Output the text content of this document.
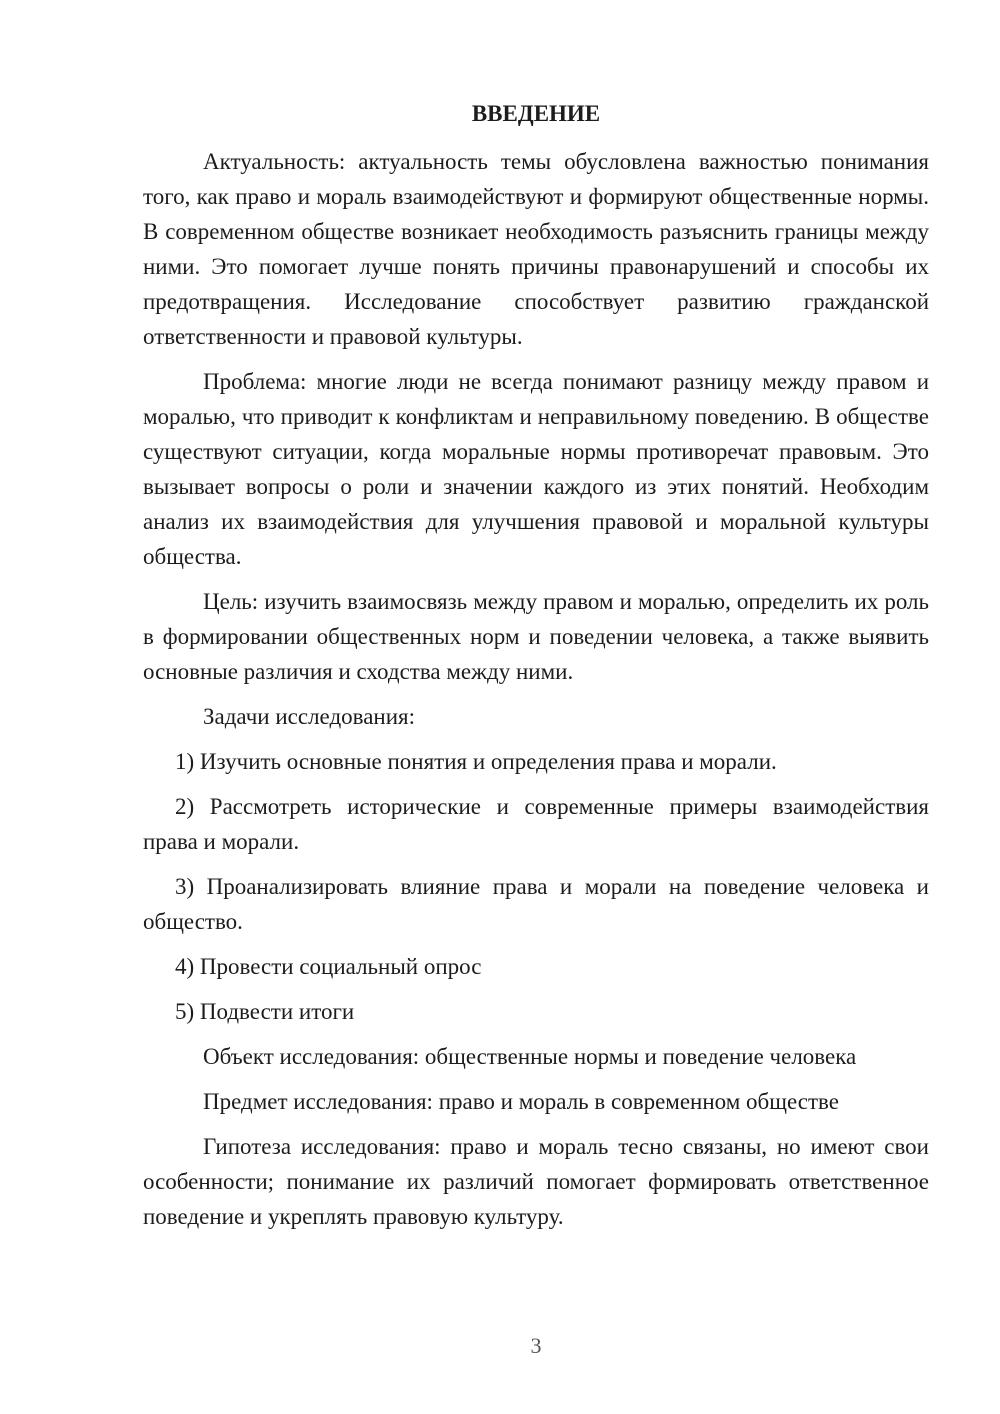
ВВЕДЕНИЕ

Актуальность: актуальность темы обусловлена важностью понимания того, как право и мораль взаимодействуют и формируют общественные нормы. В современном обществе возникает необходимость разъяснить границы между ними. Это помогает лучше понять причины правонарушений и способы их предотвращения. Исследование способствует развитию гражданской ответственности и правовой культуры.

Проблема: многие люди не всегда понимают разницу между правом и моралью, что приводит к конфликтам и неправильному поведению. В обществе существуют ситуации, когда моральные нормы противоречат правовым. Это вызывает вопросы о роли и значении каждого из этих понятий. Необходим анализ их взаимодействия для улучшения правовой и моральной культуры общества.

Цель: изучить взаимосвязь между правом и моралью, определить их роль в формировании общественных норм и поведении человека, а также выявить основные различия и сходства между ними.

Задачи исследования:

1) Изучить основные понятия и определения права и морали.

2) Рассмотреть исторические и современные примеры взаимодействия права и морали.

3) Проанализировать влияние права и морали на поведение человека и общество.

4) Провести социальный опрос

5) Подвести итоги

Объект исследования: общественные нормы и поведение человека

Предмет исследования: право и мораль в современном обществе

Гипотеза исследования: право и мораль тесно связаны, но имеют свои особенности; понимание их различий помогает формировать ответственное поведение и укреплять правовую культуру.

3
